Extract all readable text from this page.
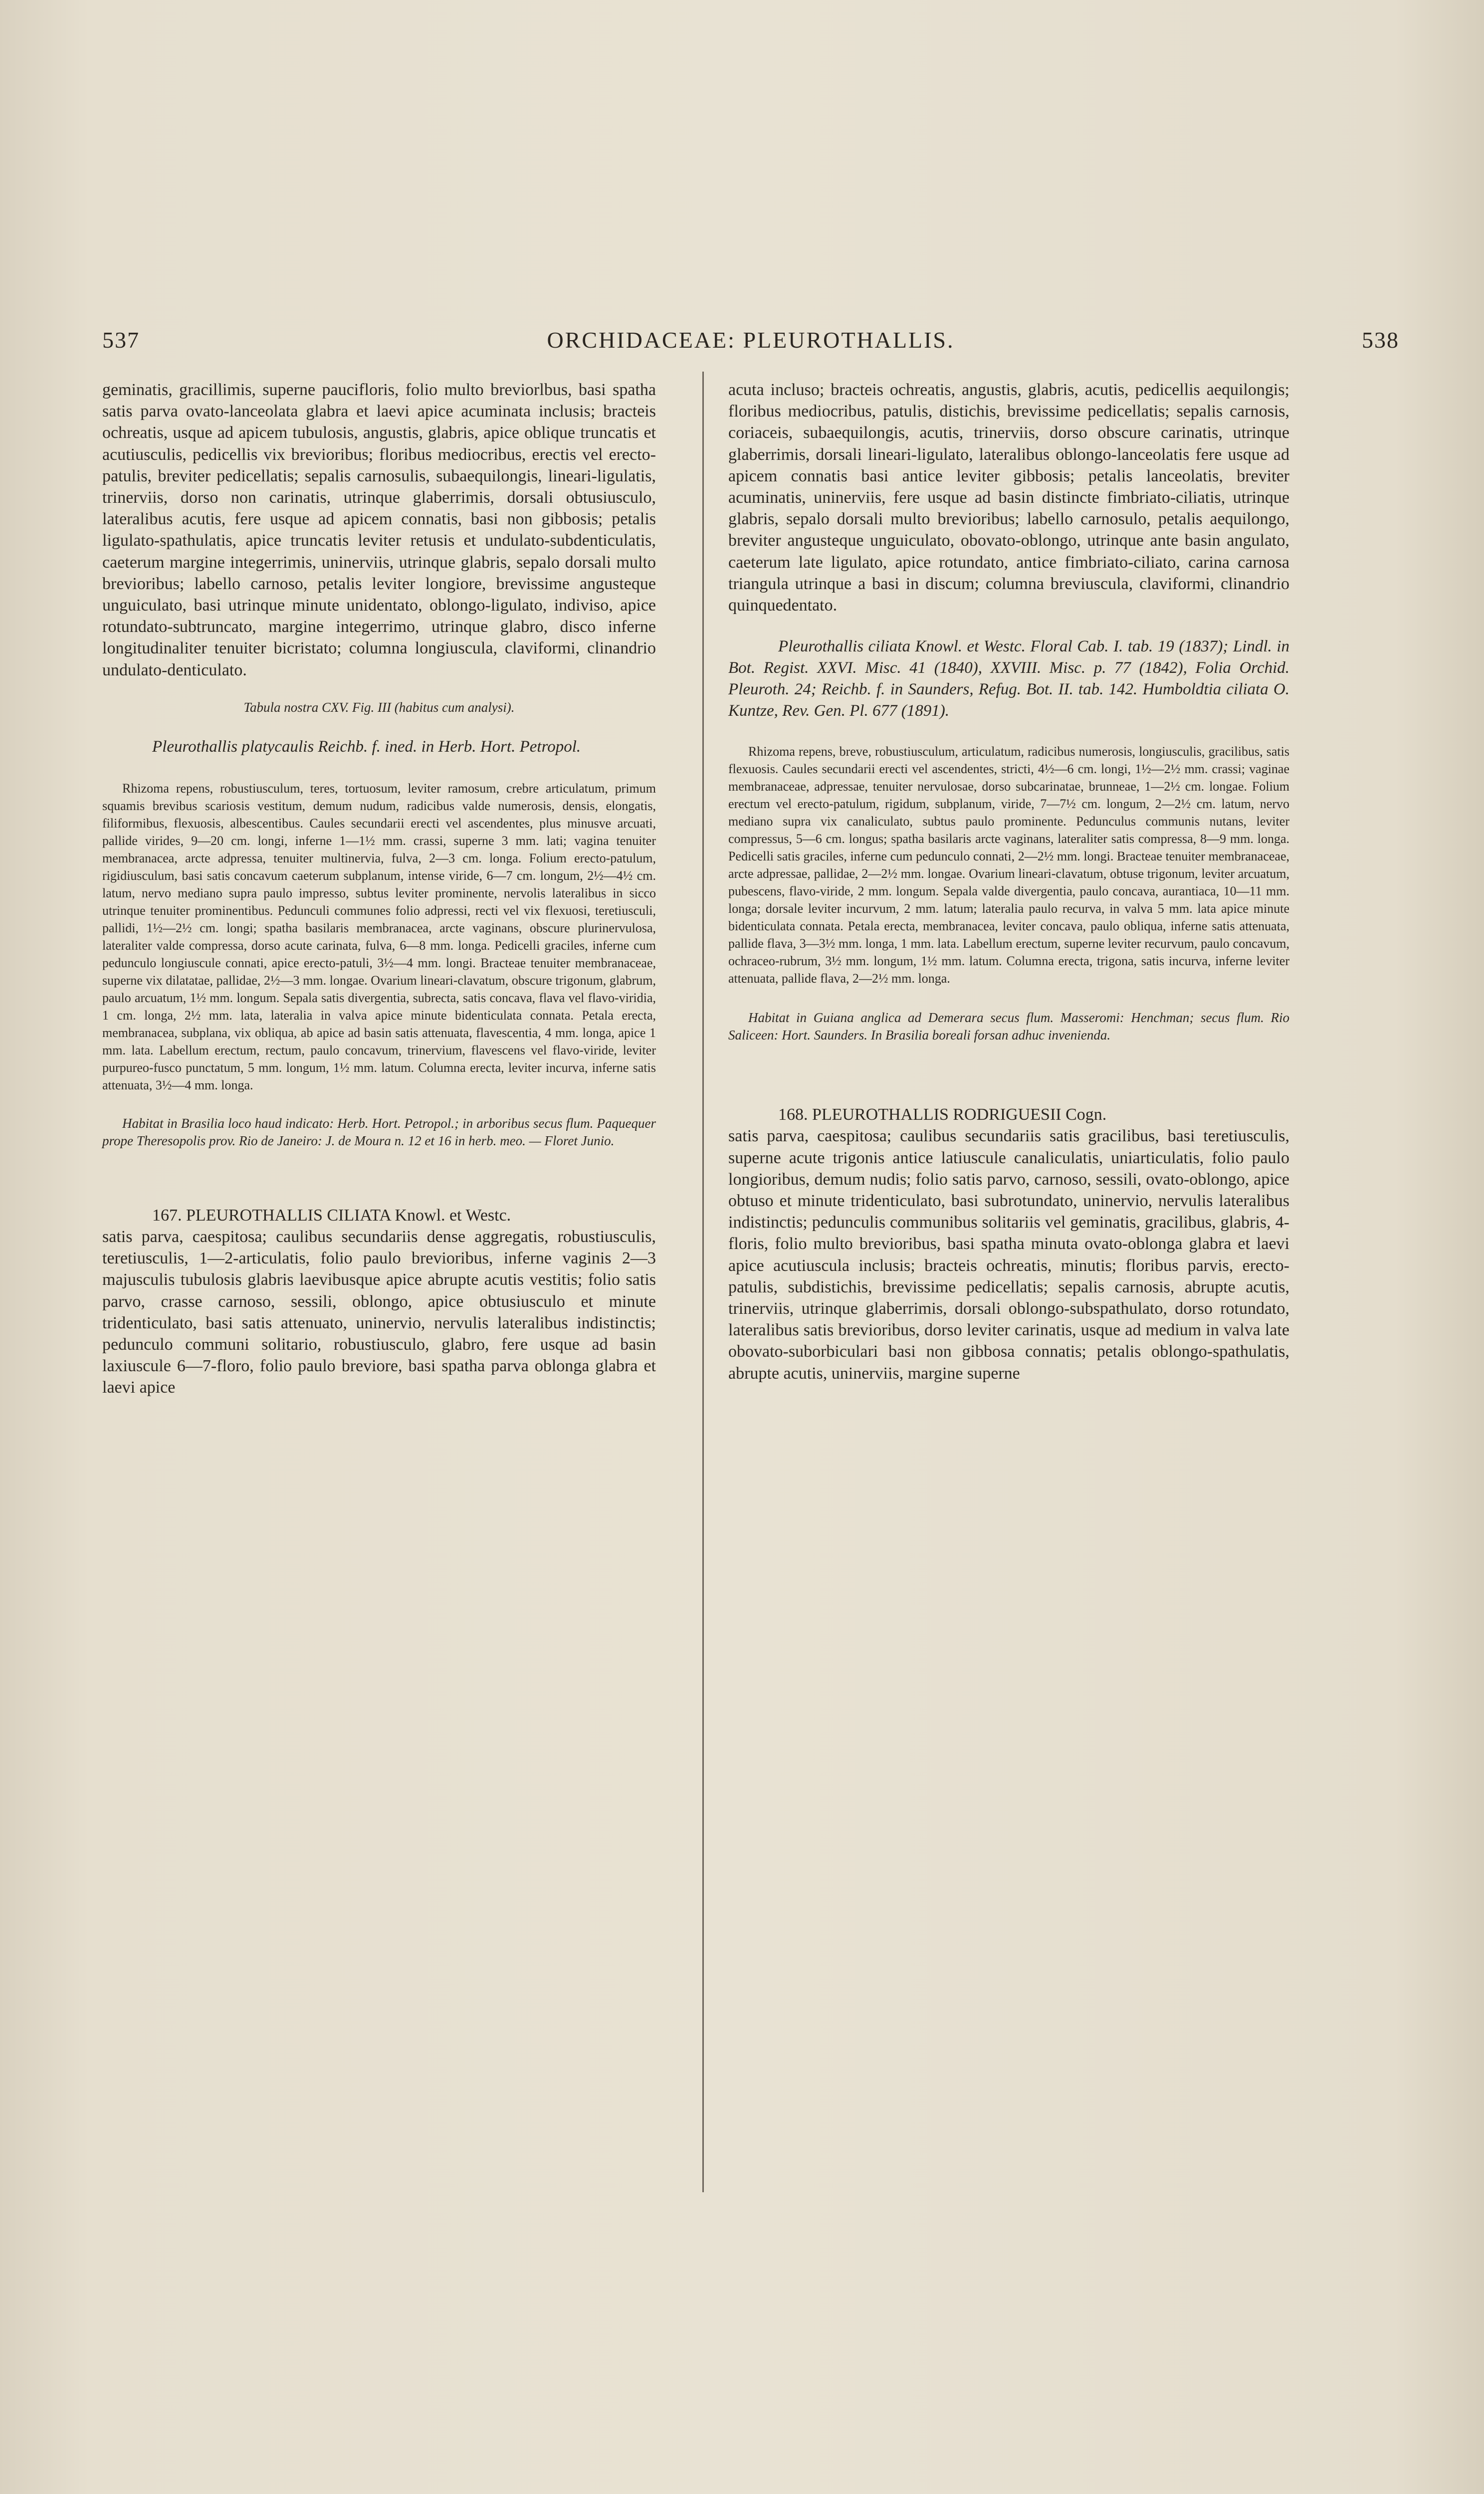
537	ORCHIDACEAE: PLEUROTHALLIS.	538

geminatis, gracillimis, superne paucifloris, folio multo breviorlbus, basi spatha satis parva ovato-lanceolata glabra et laevi apice acuminata inclusis; bracteis ochreatis, usque ad apicem tubulosis, angustis, glabris, apice oblique truncatis et acutiusculis, pedicellis vix brevioribus; floribus mediocribus, erectis vel erecto-patulis, breviter pedicellatis; sepalis carnosulis, subaequilongis, lineari-ligulatis, trinerviis, dorso non carinatis, utrinque glaberrimis, dorsali obtusiusculo, lateralibus acutis, fere usque ad apicem connatis, basi non gibbosis; petalis ligulato-spathulatis, apice truncatis leviter retusis et undulato-subdenticulatis, caeterum margine integerrimis, uninerviis, utrinque glabris, sepalo dorsali multo brevioribus; labello carnoso, petalis leviter longiore, brevissime angusteque unguiculato, basi utrinque minute unidentato, oblongo-ligulato, indiviso, apice rotundato-subtruncato, margine integerrimo, utrinque glabro, disco inferne longitudinaliter tenuiter bicristato; columna longiuscula, claviformi, clinandrio undulato-denticulato.

Tabula nostra CXV. Fig. III (habitus cum analysi).

Pleurothallis platycaulis Reichb. f. ined. in Herb. Hort. Petropol.

Rhizoma repens, robustiusculum, teres, tortuosum, leviter ramosum, crebre articulatum, primum squamis brevibus scariosis vestitum, demum nudum, radicibus valde numerosis, densis, elongatis, filiformibus, flexuosis, albescentibus. Caules secundarii erecti vel ascendentes, plus minusve arcuati, pallide virides, 9—20 cm. longi, inferne 1—1½ mm. crassi, superne 3 mm. lati; vagina tenuiter membranacea, arcte adpressa, tenuiter multinervia, fulva, 2—3 cm. longa. Folium erecto-patulum, rigidiusculum, basi satis concavum caeterum subplanum, intense viride, 6—7 cm. longum, 2½—4½ cm. latum, nervo mediano supra paulo impresso, subtus leviter prominente, nervolis lateralibus in sicco utrinque tenuiter prominentibus. Pedunculi communes folio adpressi, recti vel vix flexuosi, teretiusculi, pallidi, 1½—2½ cm. longi; spatha basilaris membranacea, arcte vaginans, obscure plurinervulosa, lateraliter valde compressa, dorso acute carinata, fulva, 6—8 mm. longa. Pedicelli graciles, inferne cum pedunculo longiuscule connati, apice erecto-patuli, 3½—4 mm. longi. Bracteae tenuiter membranaceae, superne vix dilatatae, pallidae, 2½—3 mm. longae. Ovarium lineari-clavatum, obscure trigonum, glabrum, paulo arcuatum, 1½ mm. longum. Sepala satis divergentia, subrecta, satis concava, flava vel flavo-viridia, 1 cm. longa, 2½ mm. lata, lateralia in valva apice minute bidenticulata connata. Petala erecta, membranacea, subplana, vix obliqua, ab apice ad basin satis attenuata, flavescentia, 4 mm. longa, apice 1 mm. lata. Labellum erectum, rectum, paulo concavum, trinervium, flavescens vel flavo-viride, leviter purpureo-fusco punctatum, 5 mm. longum, 1½ mm. latum. Columna erecta, leviter incurva, inferne satis attenuata, 3½—4 mm. longa.

Habitat in Brasilia loco haud indicato: Herb. Hort. Petropol.; in arboribus secus flum. Paquequer prope Theresopolis prov. Rio de Janeiro: J. de Moura n. 12 et 16 in herb. meo. — Floret Junio.

167. PLEUROTHALLIS CILIATA Knowl. et Westc.

satis parva, caespitosa; caulibus secundariis dense aggregatis, robustiusculis, teretiusculis, 1—2-articulatis, folio paulo brevioribus, inferne vaginis 2—3 majusculis tubulosis glabris laevibusque apice abrupte acutis vestitis; folio satis parvo, crasse carnoso, sessili, oblongo, apice obtusiusculo et minute tridenticulato, basi satis attenuato, uninervio, nervulis lateralibus indistinctis; pedunculo communi solitario, robustiusculo, glabro, fere usque ad basin laxiuscule 6—7-floro, folio paulo breviore, basi spatha parva oblonga glabra et laevi apice

acuta incluso; bracteis ochreatis, angustis, glabris, acutis, pedicellis aequilongis; floribus mediocribus, patulis, distichis, brevissime pedicellatis; sepalis carnosis, coriaceis, subaequilongis, acutis, trinerviis, dorso obscure carinatis, utrinque glaberrimis, dorsali lineari-ligulato, lateralibus oblongo-lanceolatis fere usque ad apicem connatis basi antice leviter gibbosis; petalis lanceolatis, breviter acuminatis, uninerviis, fere usque ad basin distincte fimbriato-ciliatis, utrinque glabris, sepalo dorsali multo brevioribus; labello carnosulo, petalis aequilongo, breviter angusteque unguiculato, obovato-oblongo, utrinque ante basin angulato, caeterum late ligulato, apice rotundato, antice fimbriato-ciliato, carina carnosa triangula utrinque a basi in discum; columna breviuscula, claviformi, clinandrio quinquedentato.

Pleurothallis ciliata Knowl. et Westc. Floral Cab. I. tab. 19 (1837); Lindl. in Bot. Regist. XXVI. Misc. 41 (1840), XXVIII. Misc. p. 77 (1842), Folia Orchid. Pleuroth. 24; Reichb. f. in Saunders, Refug. Bot. II. tab. 142. Humboldtia ciliata O. Kuntze, Rev. Gen. Pl. 677 (1891).

Rhizoma repens, breve, robustiusculum, articulatum, radicibus numerosis, longiusculis, gracilibus, satis flexuosis. Caules secundarii erecti vel ascendentes, stricti, 4½—6 cm. longi, 1½—2½ mm. crassi; vaginae membranaceae, adpressae, tenuiter nervulosae, dorso subcarinatae, brunneae, 1—2½ cm. longae. Folium erectum vel erecto-patulum, rigidum, subplanum, viride, 7—7½ cm. longum, 2—2½ cm. latum, nervo mediano supra vix canaliculato, subtus paulo prominente. Pedunculus communis nutans, leviter compressus, 5—6 cm. longus; spatha basilaris arcte vaginans, lateraliter satis compressa, 8—9 mm. longa. Pedicelli satis graciles, inferne cum pedunculo connati, 2—2½ mm. longi. Bracteae tenuiter membranaceae, arcte adpressae, pallidae, 2—2½ mm. longae. Ovarium lineari-clavatum, obtuse trigonum, leviter arcuatum, pubescens, flavo-viride, 2 mm. longum. Sepala valde divergentia, paulo concava, aurantiaca, 10—11 mm. longa; dorsale leviter incurvum, 2 mm. latum; lateralia paulo recurva, in valva 5 mm. lata apice minute bidenticulata connata. Petala erecta, membranacea, leviter concava, paulo obliqua, inferne satis attenuata, pallide flava, 3—3½ mm. longa, 1 mm. lata. Labellum erectum, superne leviter recurvum, paulo concavum, ochraceo-rubrum, 3½ mm. longum, 1½ mm. latum. Columna erecta, trigona, satis incurva, inferne leviter attenuata, pallide flava, 2—2½ mm. longa.

Habitat in Guiana anglica ad Demerara secus flum. Masseromi: Henchman; secus flum. Rio Saliceen: Hort. Saunders. In Brasilia boreali forsan adhuc invenienda.

168. PLEUROTHALLIS RODRIGUESII Cogn.

satis parva, caespitosa; caulibus secundariis satis gracilibus, basi teretiusculis, superne acute trigonis antice latiuscule canaliculatis, uniarticulatis, folio paulo longioribus, demum nudis; folio satis parvo, carnoso, sessili, ovato-oblongo, apice obtuso et minute tridenticulato, basi subrotundato, uninervio, nervulis lateralibus indistinctis; pedunculis communibus solitariis vel geminatis, gracilibus, glabris, 4-floris, folio multo brevioribus, basi spatha minuta ovato-oblonga glabra et laevi apice acutiuscula inclusis; bracteis ochreatis, minutis; floribus parvis, erecto-patulis, subdistichis, brevissime pedicellatis; sepalis carnosis, abrupte acutis, trinerviis, utrinque glaberrimis, dorsali oblongo-subspathulato, dorso rotundato, lateralibus satis brevioribus, dorso leviter carinatis, usque ad medium in valva late obovato-suborbiculari basi non gibbosa connatis; petalis oblongo-spathulatis, abrupte acutis, uninerviis, margine superne
